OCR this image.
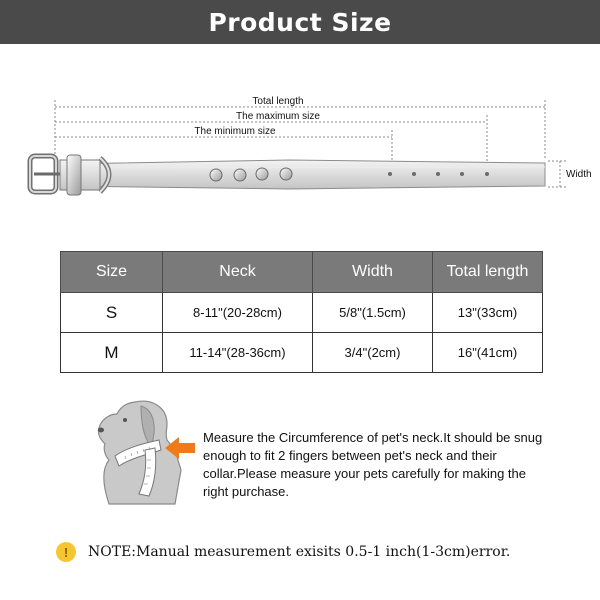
Product Size
Total length
The maximum size
The minimum size
Width
Size	Neck	Width	Total length
S	8-11"(20-28cm)	5/8"(1.5cm)	13"(33cm)
M	11-14"(28-36cm)	3/4"(2cm)	16"(41cm)
Measure the Circumference of pet's neck.It should be snug enough to fit 2 fingers between pet's neck and their collar.Please measure your pets carefully for making the right purchase.
!	NOTE:Manual measurement exisits 0.5-1 inch(1-3cm)error.
